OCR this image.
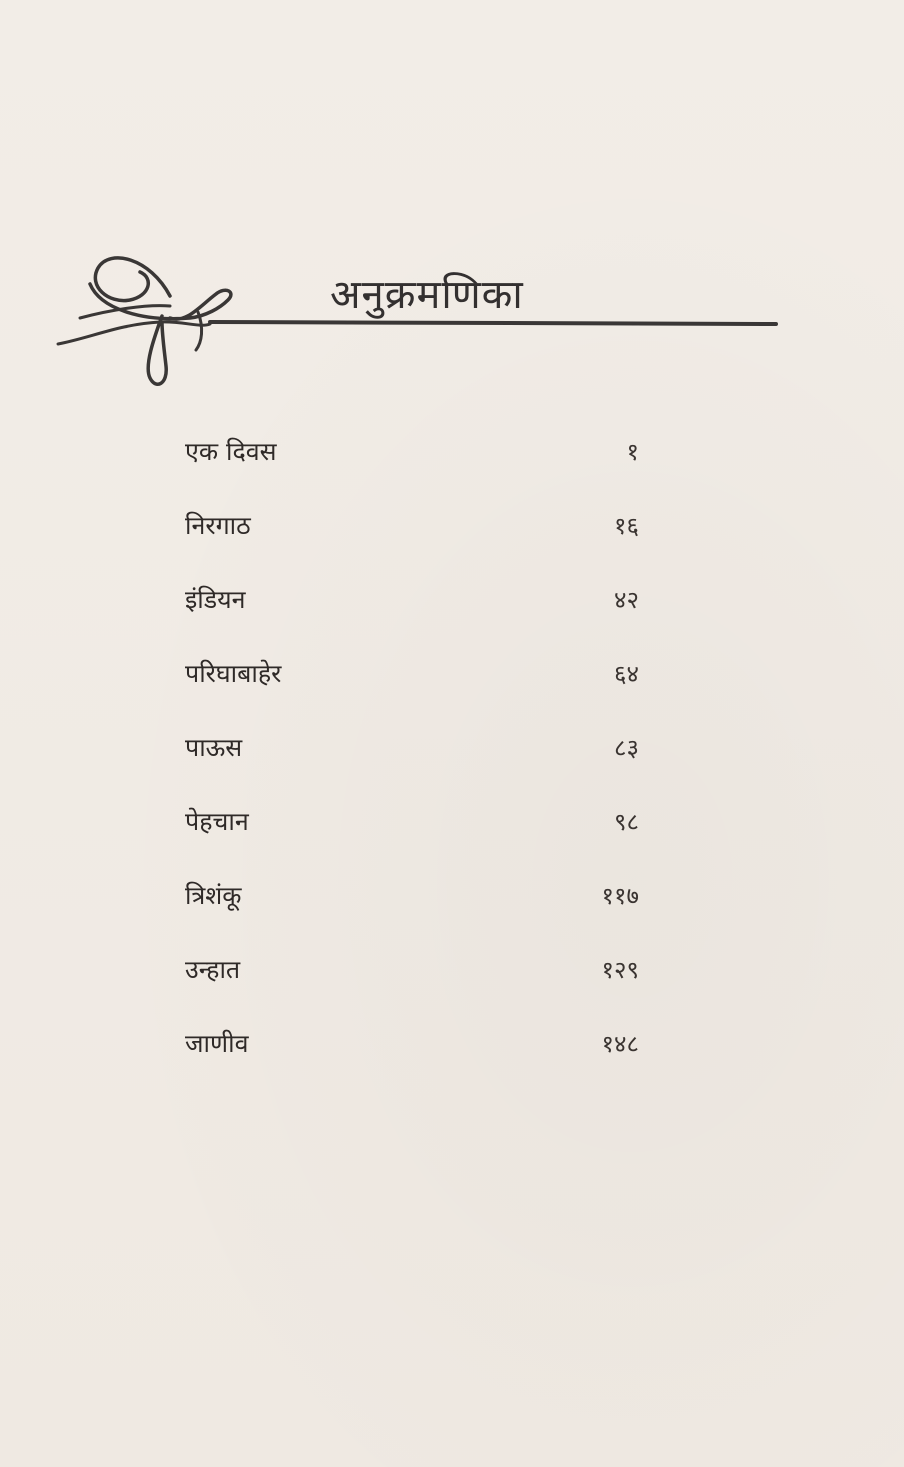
अनुक्रमणिका
एक दिवस	१
निरगाठ	१६
इंडियन	४२
परिघाबाहेर	६४
पाऊस	८३
पेहचान	९८
त्रिशंकू	११७
उन्हात	१२९
जाणीव	१४८
